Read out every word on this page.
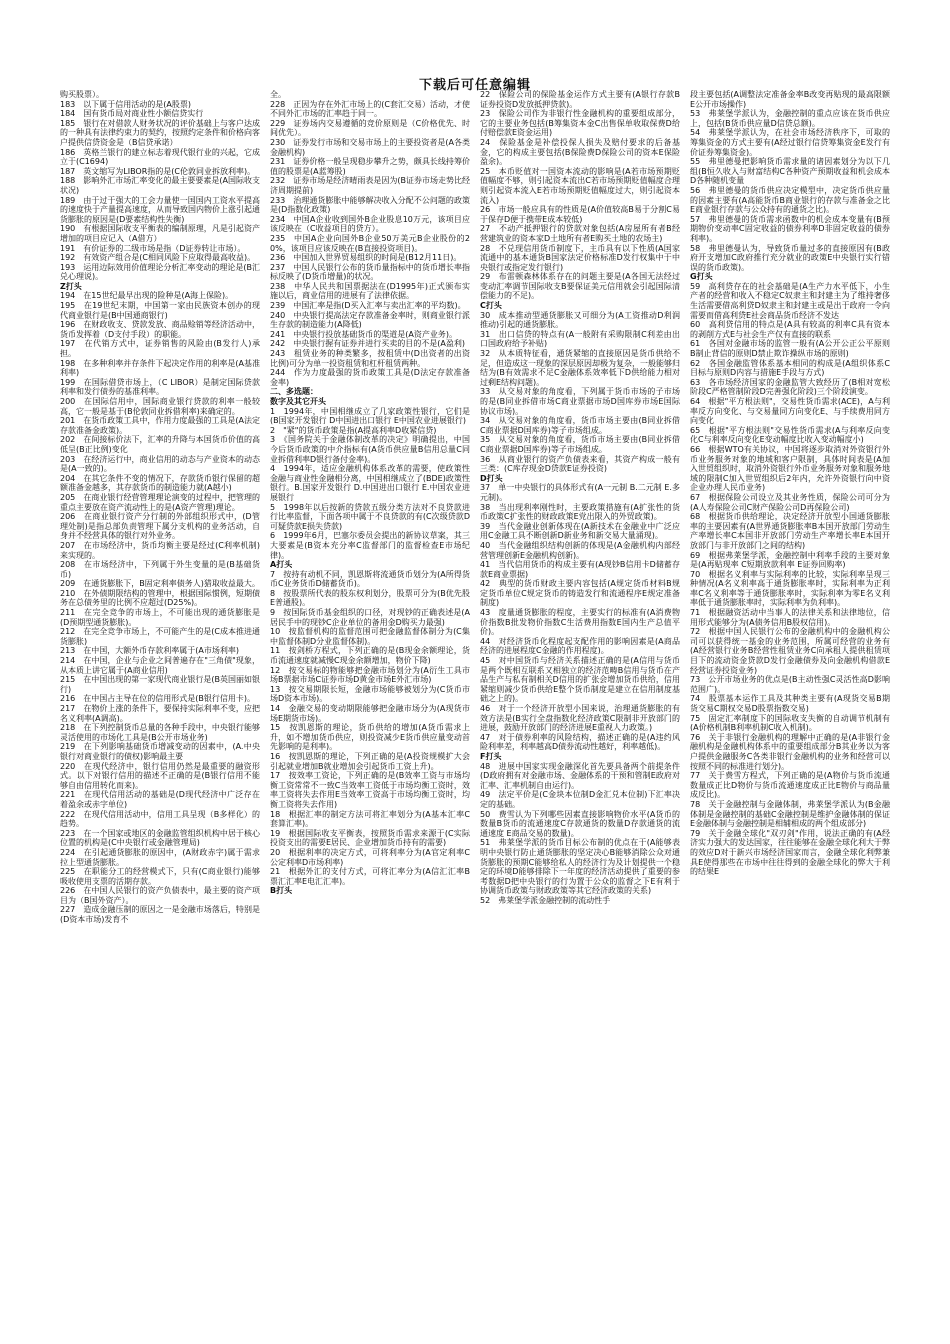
下载后可任意编辑

购买股票）。

183　以下属于信用活动的是(A股票)

184　国有货币局对商业性小额信贷实行

185　银行在对借款人财务状况的评价基础上与客户达成的一种具有法律约束力的契约，按照约定条件和价格向客户提供信贷资金是（B信贷承诺）

186　英格兰银行的建立标志着现代银行业的兴起，它成立于(C1694)

187　英文缩写为LIBOR指的是(C伦敦同业拆放利率)。

188　影响外汇市场汇率变化的最主要要素是(A国际收支状况)

189　由于过于强大的工会力量使一国国内工资水平提高的速度快于产量提高速度，从而导致国内物价上涨引起通货膨胀的原因是(D要素结构性失衡)

190　有根据国际收支平衡表的编制原理，凡是引起资产增加的项目应记入（A借方）

191　有价证券的二级市场是指（D证券转让市场）。

192　有效资产组合是(C相同风险下应取得最高收益)。

193　运用边际效用价值理论分析汇率变动的理论是(B汇兑心理说)。

Z打头

194　在15世纪最早出现的险种是(A海上保险)。

195　在19世纪末期，中国第一家由民族资本创办的现代商业银行是(B中国通商银行)

196　在财政收支、贷款发放、商品赊销等经济活动中，货币发挥着（D支付手段）的职能。

197　在代销方式中，证券销售的风险由(B发行人)承担。

198　在多种利率并存条件下起决定作用的利率是(A基准利率)

199　在国际借贷市场上，（C LIBOR）是制定国际贷款利率和发行债券的基准利率。

200　在国际信用中，国际商业银行贷款的利率一般较高，它一般是基于(B伦敦同业拆借利率)来确定的。

201　在货币政策工具中，作用力度最强的工具是(A法定存款准备金政策)。

202　在间接标价法下，汇率的升降与本国货币价值的高低呈(B正比例)变化

203　在经济运行中，商业信用的动态与产业资本的动态是(A一致的)。

204　在其它条件不变的情况下，存款货币银行保留的超额准备金越多，其存款货币的制造能力就(A越小)

205　在商业银行经营管理理论演变的过程中，把管理的重点主要放在资产流动性上的是(A资产管理)理论。

206　在商业银行资产分行制的外部组织形式中，(D管理处制)是指总部负责管理下属分支机构的业务活动，自身并不经营具体的银行对外业务。

207　在市场经济中，货币均衡主要是经过(C利率机制)来实现的。

208　在市场经济中，下列属于外生变量的是(B基础货币)

209　在通货膨胀下，B固定利率债务人)猎取收益最大。

210　在外债期限结构的管理中，根据国际惯例，短期债务在总债务里的比例不应超过(D25%)。

211　在完全竞争的市场上，不可能出现的通货膨胀是(D预期型通货膨胀)。

212　在完全竞争市场上，不可能产生的是(C成本推进通货膨胀)

213　在中国，大额外币存款利率属于(A市场利率)

214　在中国，企业与企业之间普遍存在"三角债"现象，从本质上讲它属于(A商业信用)

215　在中国出现的第一家现代商业银行是(B英国丽如银行)

216　在中国占主导在位的信用形式是(B银行信用卡)。

217　在物价上涨的条件下，要保持实际利率不变，应把名义利率(A调高)。

218　在下列控制货币总量的各种手段中，中央银行能够灵活使用的市场化工具是(B公开市场业务)

219　在下列影响基础货币增减变动的因素中，(A.中央银行对商业银行的债权)影响最主要

220　在现代经济中，银行信用仍然是最重要的融资形式。以下对银行信用的描述不正确的是(B银行信用不能够自由信用转化而来)。

221　在现代信用活动的基础是(D现代经济中广泛存在着盈余或赤字单位)

222　在现代信用活动中，信用工具呈现（B多样化）的趋势。

223　在一个国家或地区的金融监管组织机构中居于核心位置的机构是(C中央银行或金融管理局)

224　在引起通货膨胀的原因中，(A财政赤字)属于需求拉上型通货膨胀。

225　在职能分工的经营模式下，只有(C商业银行)能够吸收使用支票的活期存款。

226　在中国人民银行的资产负债表中，最主要的资产项目为（B国外资产）。

227　造成金融压制的原因之一是金融市场落后，特别是(D资本市场)发育不

全。

228　正因为存在外汇市场上的(C套汇交易）活动，才使不同外汇市场的汇率趋于同一。

229　证券场内交易遵循的竞价原则是（C价格优先、时间优先）。

230　证券发行市场和交易市场上的主要投资者是(A各类金融机构)

231　证券价格一般呈现稳步攀升之势，颇具长线持筹价值的股票是(A蓝筹股)

232　证券市场是经济晴雨表是因为(B证券市场走势比经济周期提前)

233　治理通货膨胀中能够解决收入分配不公问题的政策是(D指数化政策)

234　中国A企业收到国外B企业股息10万元，该项目应该反映在（C收益项目的贷方）。

235　中国A企业向国外B企业50万美元B企业股份的20%，该项目应该反映在(B直接投资项目)。

236　中国加入世界贸易组织的时间是(B12月11日)。

237　中国人民银行公布的货币量指标中的货币增长率指标反映了(D货币增量)的状况。

238　中华人民共和国票据法在(D1995年)正式颁布实施以后，商业信用的进展有了法律依据。

239　中国汇率是指(D买入汇率与卖出汇率的平均数)。

240　中央银行提高法定存款准备金率时，则商业银行派生存款的制造能力(A降低)

241　中央银行投放基础货币的渠道是(A资产业务)。

242　中央银行握有证券并进行买卖的目的不是(A盈利)

243　租赁业务的种类繁多，按租赁中(D出资者的出资比例)可分为单一投资租赁和杠杆租赁两种。

244　作为力度最强的货币政策工具是(D法定存款准备金率)

二、多选题：

数字及其它开头

1　1994年，中国相继成立了几家政策性银行，它们是(B国家开发银行 D中国进出口银行 E中国农业进展银行)

2　"紧"的货币政策是指(A提高利率D收紧信贷)

3　《国务院关于金融体制改革的决定》明确提出，中国今后货币政策的中介指标有(A货币供应量B信用总量C同业拆借利率D银行备付金率)。

4　1994年，适应金融机构体系改革的需要，使政策性金融与商业性金融相分离，中国相继成立了(BDE)政策性银行。B.国家开发银行 D.中国进出口银行 E.中国农业进展银行

5　1998年以后按新的贷款五级分类方法对不良贷款进行比率监督，下面各项中属于不良贷款的有(C次级贷款D可疑贷款E损失贷款)

6　1999年6月，巴塞尔委员会提出的新协议草案，其三大要素是(B资本充分率C监督部门的监督检查E市场纪律)。

A打头

7　按持有动机不同，凯恩斯将流通货币划分为(A所得货币C业务货币D储蓄货币)。

8　按股票所代表的股东权利划分，股票可分为(B优先股E普通股)。

9　按国际货币基金组织的口径，对现钞的正确表述是(A居民手中的现钞C企业单位的备用金D购买力最强)

10　按监督机构的监督范围可把金融监督体制分为(C集中监督体制D分业监督体制)。

11　按剑桥方程式，下列正确的是(B现金余额理论，货币流通速度就减慢C现金余额增加，物价下降)

12　按交易标的物能够把金融市场划分为(A衍生工具市场B票据市场C证券市场D黄金市场E外汇市场)

13　按交易期限长短，金融市场能够被划分为(C货币市场D资本市场)。

14　金融交易的变动期限能够把金融市场分为(A现货市场E期货市场)。

15　按凯恩斯的理论，货币供给的增加(A货币需求上升，如不增加货币供应，则投资减少E货币供应量变动首先影响的是利率)。

16　按凯恩斯的理论，下列正确的是(A投资规模扩大会引起就业增加B就业增加会引起货币工资上升)。

17　按效率工资论，下列正确的是(B效率工资与市场均衡工资常常不一致C当效率工资低于市场均衡工资时，效率工资将失去作用E当效率工资高于市场均衡工资时，均衡工资将失去作用)

18　根据汇率的制定方法可将汇率划分为(A基本汇率C套算汇率)。

19　根据国际收支平衡表，按照货币需求来源于(C实际投资支出的需要E居民、企业增加货币持有的需要)

20　根据利率的决定方式，可将利率分为(A官定利率C公定利率D市场利率)

21　根据外汇的支付方式，可将汇率分为(A信汇汇率B票汇汇率E电汇汇率)。

B打头

22　保险公司的保险基金运作方式主要有(A银行存款B证券投资D发放抵押贷款)。

23　保险公司作为非银行性金融机构的重要组成部分，它的主要业务包括(B筹集资本金C出售保单收取保费D给付赔偿款E资金运用)

24　保险基金是补偿投保人损失及赔付要求的后备基金，它的构成主要包括(B保险费D保险公司的资本E保险盈余)。

25　本币贬值对一国资本流动的影响是(A若市场预期贬值幅度不够，则引起资本流出C若市场预期贬值幅度合理则引起资本流入E若市场预期贬值幅度过大，则引起资本流入)

26　市场一般应具有的性质是(A价值较高B易于分割C易于保存D便于携带E成本较低)

27　不动产抵押银行的贷款对象包括(A房屋所有者B经营建筑业的资本家D土地所有者E购买土地的农场主)

28　不兑现信用货币制度下，主币具有以下性质(A国家流通中的基本通货B国家法定价格标准D发行权集中于中央银行或指定发行银行)

29　布雷顿森林体系存在的问题主要是(A各国无法经过变动汇率调节国际收支B要保证美元信用就会引起国际清偿能力的不足)。

C打头

30　成本推动型通货膨胀又可细分为(A工资推动D利润推动)引起的通货膨胀。

31　出口信贷的特点有(A一般附有采购限制C利差由出口国政府给予补贴)

32　从本质特征看，通货紧缩的直接原因是货币供给不足，但造成这一现象的深层原因却极为复杂，一般能够归结为(B有效需求不足C金融体系效率低下D供给能力相对过剩E结构问题)。

33　从交易对象的角度看，下列属于货币市场的子市场的是(B同业拆借市场C商业票据市场D国库券市场E国际协议市场)。

34　从交易对象的角度看，货币市场主要由(B同业拆借C商业票据D国库券)等子市场组成。

35　从交易对象的角度看，货币市场主要由(B同业拆借C商业票据D国库券)等子市场组成。

36　从商业银行的资产负债表来看，其资产构成一般有三类：(C库存现金D贷款E证券投资)

D打头

37　单一中央银行的具体形式有(A一元制 B.二元制 E.多元制)。

38　当出现利率刚性时，主要政策措施有(A扩张性的货币政策C扩张性的财政政策E党出限入的外贸政策)。

39　当代金融业创新体现在(A新技术在金融业中广泛应用C金融工具不断创新D新业务和新交易大量涌现)。

40　当代金融组织结构创新的体现是(A金融机构内部经营管理创新E金融机构创新)。

41　当代信用货币的构成主要有(A现钞B信用卡D储蓄存款E商业票据)

42　典型的货币财政主要内容包括(A规定货币材料B规定货币单位C规定货币的铸造发行和流通程序E规定准备制度)

43　度量通货膨胀的程度，主要实行的标准有(A消费物价指数B批发物价指数C生活费用指数E国内生产总值平价)。

44　对经济货币化程度起支配作用的影响因素是(A商品经济的进展程度C金融的作用程度)。

45　对中国货币与经济关系描述正确的是(A信用与货币是两个既相互联系又相独立的经济范畴B信用与货币在产品生产与私有制相关D信用的扩张会增加货币供给，信用紧缩则减少货币供给E整个货币制度是建立在信用制度基础之上的)。

46　对于一个经济开放型小国来说，治理通货膨胀的有效方法是(B实行全盘指数化经济政策C限制非开放部门的进展，鼓励开放部门的经济进展E重视人力政策。)

47　对于债券利率的风险结构，描述正确的是(A违约风险利率差，利率越高D债券流动性越好，利率越低)。

F打头

48　进展中国家实现金融深化首先要具备两个前提条件(D政府拥有对金融市场、金融体系的干预和管制E政府对汇率、汇率机制自由运行)。

49　法定平价是(C金块本位制D金汇兑本位制)下汇率决定的基础。

50　费雪认为下列哪些因素直接影响物价水平(A货币的数量B货币的流通速度C存款通货的数量D存款通货的流通速度 E商品交易的数量)。

51　弗莱堡学派的货币目标公布制的优点在于(A能够表明中央银行防止通货膨胀的坚定决心B能够消除公众对通货膨胀的预期C能够给私人的经济行为及计划提供一个稳定的环境D能够排除下一年度的经济活动提供了重要的参考数据D把中央银行的行为置于公众的监督之下E有利于协调货币政策与财政政策等其它经济政策的关系)

52　弗莱堡学派金融控制的流动性手

段主要包括(A调整法定准备金率B改变再贴现的最高限额E公开市场操作)

53　弗莱堡学派认为，金融控制的重点应该在货币供应上，包括(B货币供应量D信贷总额)。

54　弗莱堡学派认为，在社会市场经济秩序下，可取的筹集资金的方式主要有(A经过银行信贷筹集资金E发行有价证券筹集资金)。

55　弗里德曼把影响货币需求量的诸因素划分为以下几组(B恒久收入与财富结构C各种资产预期收益和机会成本D各种随机变量

56　弗里德曼的货币供应决定模型中，决定货币供应量的因素主要有(A高能货币B商业银行的存款与准备金之比E商业银行存款与公众持有的通货之比)。

57　弗里德曼的货币需求函数中的机会成本变量有(B预期物价变动率C固定收益的债券利率D非固定收益的债券利率)。

58　弗里德曼认为，导致货币量过多的直接原因有(B政府开支增加C政府推行充分就业的政策E中央银行实行错误的货币政策)。

G打头

59　高利贷存在的社会基础是(A生产力水平低下，小生产者的经营和收入不稳定C奴隶主和封建主为了维持奢侈生活需要借高利贷D奴隶主和封建主或是出于政府一令向需要而借高利贷E社会商品货币经济不发达

60　高利贷信用的特点是(A具有较高的利率C具有资本的剥削方式E与社会生产仅有直接的联系

61　各国对金融市场的监管一般有(A公开公正公平原则B制止背信的原则D禁止欺诈操纵市场的原则)

62　各国金融监管体系基本相同的构成是(A组织体系C目标与原则D内容与措施E手段与方式)

63　各市场经济国家的金融监管大致经历了(B相对宽松阶段C严格管制阶段D完善强化阶段)三个阶段演变。

64　根据"平方根法则"，交易性货币需求(ACE)，A与利率反方向变化、与交易量同方向变化E、与手续费用同方向变化

65　根据"平方根法则"交易性货币需求(A与利率反向变化C与利率反向变化E变动幅度比收入变动幅度小)

66　根据WTO有关协议，中国将逐步取消对外资银行外币业务服务对象的地域和客户限制，具体时间表是(A加入世贸组织时，取消外资银行外币业务服务对象和服务地域的限制C加入世贸组织后2年内，允许外资银行向中资企业办理人民币业务)

67　根据保险公司设立及其业务性质，保险公司可分为(A人寿保险公司C财产保险公司D再保险公司)

68　根据货币供给理论，决定经济开放型小国通货膨胀率的主要因素有(A世界通货膨胀率B本国开放部门劳动生产率增长率C本国非开放部门劳动生产率增长率E本国开放部门与非开放部门之间的结构)

69　根据弗莱堡学派，金融控制中利率手段的主要对象是(A再贴现率 C短期放款利率 E证券回购率)

70　根据名义利率与实际利率的比较，实际利率呈现三种情况(A名义利率高于通货膨胀率时，实际利率为正利率C名义利率等于通货膨胀率时，实际利率为零E名义利率低于通货膨胀率时，实际利率为负利率)。

71　根据融资活动中当事人的法律关系和法律地位，信用形式能够分为(A债务信用B股权信用)。

72　根据中国人民银行公布的金融机构中的金融机构公司可以获得统一基金的业务范围，所属可经营的业务有(A经营银行业务B经营性租赁业务C向承租人提供租赁项目下的流动资金贷款D发行金融债券及向金融机构借款E经营证券投资业务)

73　公开市场业务的优点是(B主动性强C灵活性高D影响范围广)。

74　股票基本运作工具及其种类主要有(A现货交易B期货交易C期权交易D股票指数交易)

75　固定汇率制度下的国际收支失衡的自动调节机制有(A价格机制B利率机制C收入机制)。

76　关于非银行金融机构的理解中正确的是(A非银行金融机构是金融机构体系中的重要组成部分B其业务以为客户提供金融服务C各类非银行金融机构的业务和经营可以按照不同的标准进行划分)。

77　关于费雪方程式，下列正确的是(A物价与货币流通数量成正比D物价与货币流通速度成正比E物价与商品量成反比)。

78　关于金融控制与金融体制，弗莱堡学派认为(B金融体制是金融控制的基础C金融控制是维护金融体制的保证E金融体制与金融控制是相辅相成的两个组成部分)

79　关于金融全球化"双刃剑"作用，说法正确的有(A经济实力强大的发达国家，往往能够在金融全球化利大于弊的效应D对于新兴市场经济国家而言，金融全球化利弊兼具E使得那些在市场中往往得到的金融全球化的弊大于利的结果E
